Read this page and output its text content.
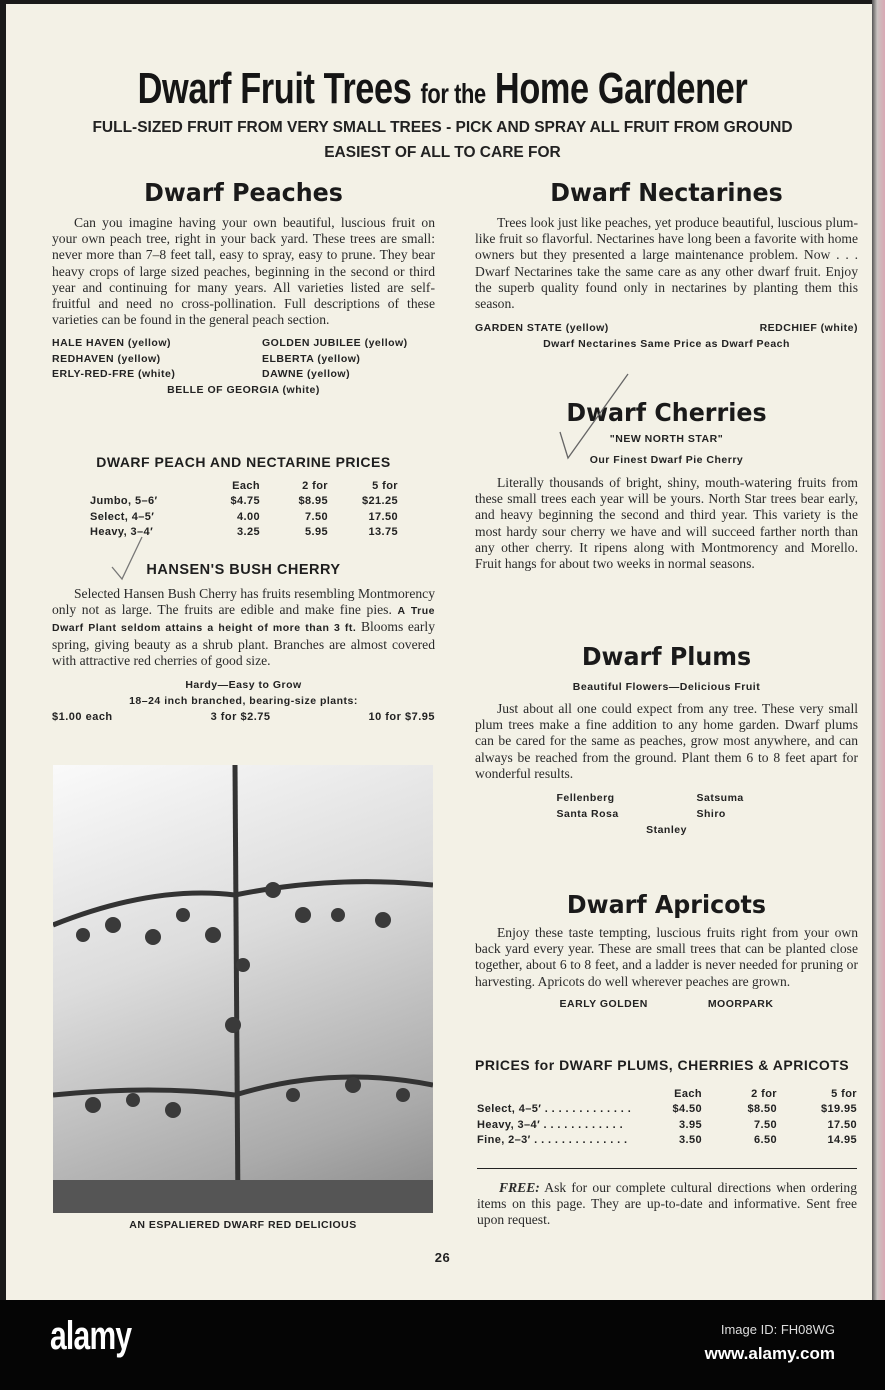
Dwarf Fruit Trees for the Home Gardener
FULL-SIZED FRUIT FROM VERY SMALL TREES - PICK AND SPRAY ALL FRUIT FROM GROUND
EASIEST OF ALL TO CARE FOR
Dwarf Peaches

Can you imagine having your own beautiful, luscious fruit on your own peach tree, right in your back yard. These trees are small: never more than 7–8 feet tall, easy to spray, easy to prune. They bear heavy crops of large sized peaches, beginning in the second or third year and continuing for many years. All varieties listed are self-fruitful and need no cross-pollination. Full descriptions of these varieties can be found in the general peach section.

HALE HAVEN (yellow)	GOLDEN JUBILEE (yellow)
REDHAVEN (yellow)	ELBERTA (yellow)
ERLY-RED-FRE (white)	DAWNE (yellow)
BELLE OF GEORGIA (white)
DWARF PEACH AND NECTARINE PRICES
	Each	2 for	5 for
Jumbo, 5–6′	$4.75	$8.95	$21.25
Select, 4–5′	4.00	7.50	17.50
Heavy, 3–4′	3.25	5.95	13.75
HANSEN'S BUSH CHERRY

Selected Hansen Bush Cherry has fruits resembling Montmorency only not as large. The fruits are edible and make fine pies. A True Dwarf Plant seldom attains a height of more than 3 ft. Blooms early spring, giving beauty as a shrub plant. Branches are almost covered with attractive red cherries of good size.

Hardy—Easy to Grow
18–24 inch branched, bearing-size plants:
$1.00 each	3 for $2.75	10 for $7.95
AN ESPALIERED DWARF RED DELICIOUS
Dwarf Nectarines

Trees look just like peaches, yet produce beautiful, luscious plum-like fruit so flavorful. Nectarines have long been a favorite with home owners but they presented a large maintenance problem. Now . . . Dwarf Nectarines take the same care as any other dwarf fruit. Enjoy the superb quality found only in nectarines by planting them this season.

GARDEN STATE (yellow)	REDCHIEF (white)
Dwarf Nectarines Same Price as Dwarf Peach
Dwarf Cherries
"NEW NORTH STAR"
Our Finest Dwarf Pie Cherry

Literally thousands of bright, shiny, mouth-watering fruits from these small trees each year will be yours. North Star trees bear early, and heavy beginning the second and third year. This variety is the most hardy sour cherry we have and will succeed farther north than any other cherry. It ripens along with Montmorency and Morello. Fruit hangs for about two weeks in normal seasons.

Dwarf Plums
Beautiful Flowers—Delicious Fruit

Just about all one could expect from any tree. These very small plum trees make a fine addition to any home garden. Dwarf plums can be cared for the same as peaches, grow most anywhere, and can always be reached from the ground. Plant them 6 to 8 feet apart for wonderful results.

Fellenberg	Satsuma
Santa Rosa	Shiro
Stanley
Dwarf Apricots

Enjoy these taste tempting, luscious fruits right from your own back yard every year. These are small trees that can be planted close together, about 6 to 8 feet, and a ladder is never needed for pruning or harvesting. Apricots do well wherever peaches are grown.

EARLY GOLDEN	MOORPARK
PRICES for DWARF PLUMS, CHERRIES & APRICOTS
	Each	2 for	5 for
Select, 4–5′ . . . . . . . . . . . . .	$4.50	$8.50	$19.95
Heavy, 3–4′ . . . . . . . . . . . .	3.95	7.50	17.50
Fine, 2–3′ . . . . . . . . . . . . . .	3.50	6.50	14.95

FREE: Ask for our complete cultural directions when ordering items on this page. They are up-to-date and informative. Sent free upon request.

26
alamy	Image ID: FH08WG
www.alamy.com
